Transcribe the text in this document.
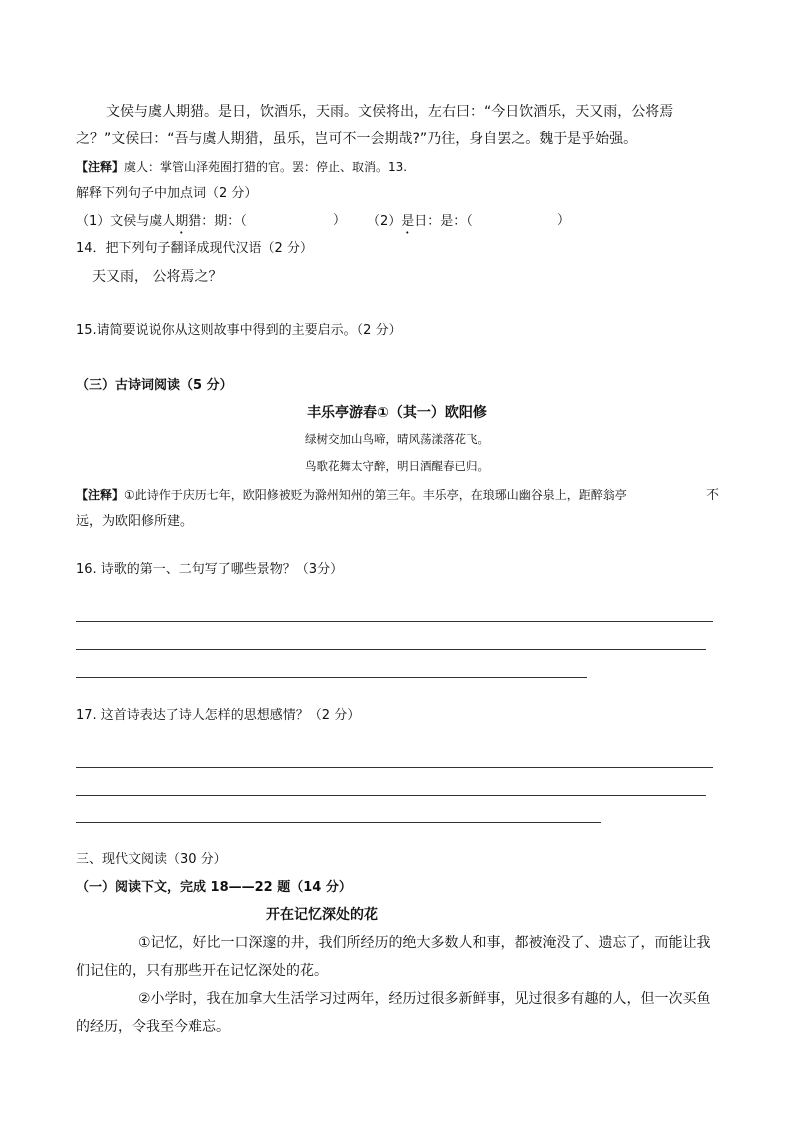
文侯与虞人期猎。是日，饮酒乐，天雨。文侯将出，左右曰：“今日饮酒乐，天又雨，公将焉
之？”文侯曰：“吾与虞人期猎，虽乐，岂可不一会期哉?”乃往，身自罢之。魏于是乎始强。
【注释】虞人：掌管山泽苑囿打猎的官。罢：停止、取消。13.
解释下列句子中加点词（2 分）
（1）文侯与虞人期猎：期：（	） （2）是日：是：（	）
14．把下列句子翻译成现代汉语（2 分）
天又雨， 公将焉之？
15.请简要说说你从这则故事中得到的主要启示。（2 分）
（三）古诗词阅读（5 分）
丰乐亭游春①（其一）欧阳修
绿树交加山鸟啼，晴风荡漾落花飞。
鸟歌花舞太守醉，明日酒醒春已归。
【注释】①此诗作于庆历七年，欧阳修被贬为滁州知州的第三年。丰乐亭，在琅琊山幽谷泉上，距醉翁亭	不
远，为欧阳修所建。
16. 诗歌的第一、二句写了哪些景物？（3分）
17. 这首诗表达了诗人怎样的思想感情？（2 分）
三、现代文阅读（30 分）
（一）阅读下文，完成 18——22 题（14 分）
开在记忆深处的花
①记忆，好比一口深邃的井，我们所经历的绝大多数人和事，都被淹没了、遗忘了，而能让我
们记住的，只有那些开在记忆深处的花。
②小学时，我在加拿大生活学习过两年，经历过很多新鲜事，见过很多有趣的人，但一次买鱼
的经历，令我至今难忘。
